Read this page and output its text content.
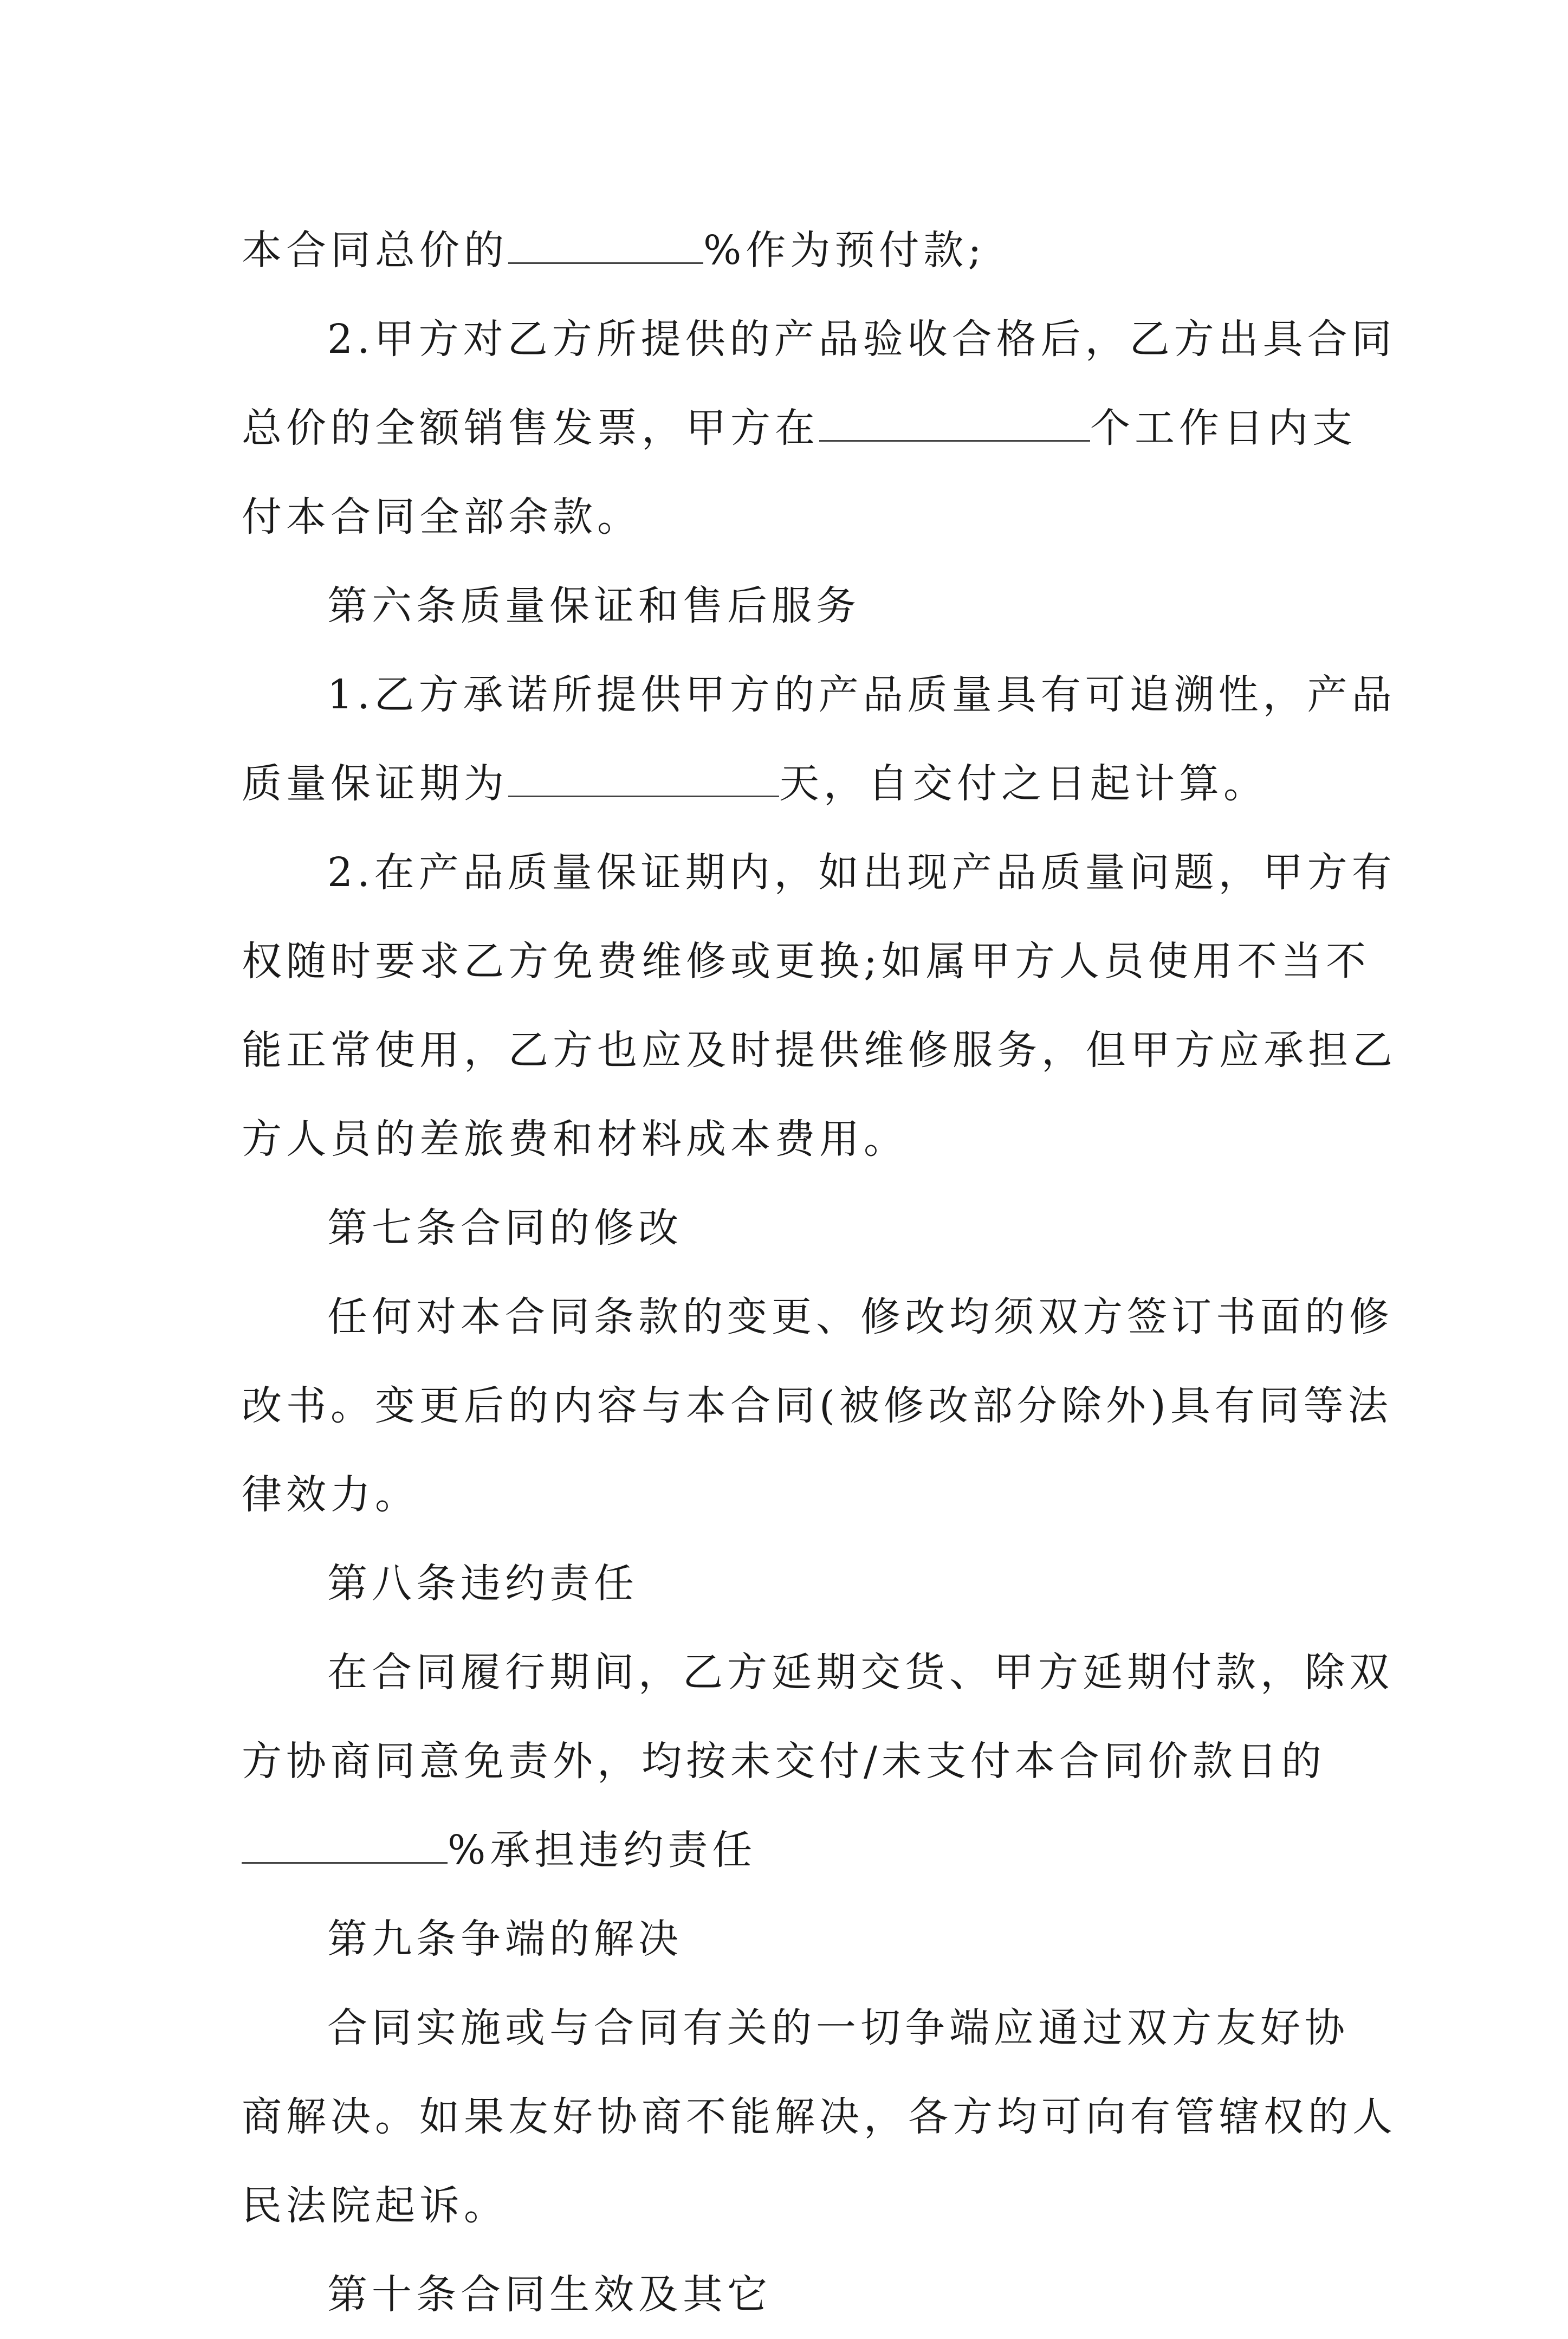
本合同总价的	%作为预付款;

2.甲方对乙方所提供的产品验收合格后，乙方出具合同

总价的全额销售发票，甲方在	个工作日内支

付本合同全部余款。

第六条质量保证和售后服务

1.乙方承诺所提供甲方的产品质量具有可追溯性，产品

质量保证期为	天，自交付之日起计算。

2.在产品质量保证期内，如出现产品质量问题，甲方有

权随时要求乙方免费维修或更换;如属甲方人员使用不当不

能正常使用，乙方也应及时提供维修服务，但甲方应承担乙

方人员的差旅费和材料成本费用。

第七条合同的修改

任何对本合同条款的变更、修改均须双方签订书面的修

改书。变更后的内容与本合同(被修改部分除外)具有同等法

律效力。

第八条违约责任

在合同履行期间，乙方延期交货、甲方延期付款，除双

方协商同意免责外，均按未交付/未支付本合同价款日的

%承担违约责任

第九条争端的解决

合同实施或与合同有关的一切争端应通过双方友好协

商解决。如果友好协商不能解决，各方均可向有管辖权的人

民法院起诉。

第十条合同生效及其它
